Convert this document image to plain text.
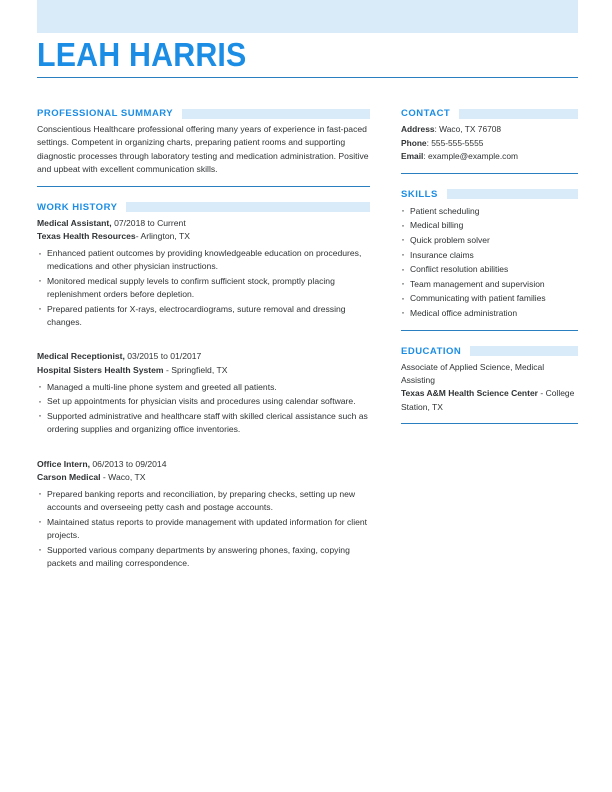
LEAH HARRIS
PROFESSIONAL SUMMARY

Conscientious Healthcare professional offering many years of experience in fast-paced settings. Competent in organizing charts, preparing patient rooms and supporting diagnostic processes through laboratory testing and medication administration. Positive and upbeat with excellent communication skills.

WORK HISTORY
Medical Assistant, 07/2018 to Current
Texas Health Resources- Arlington, TX
· Enhanced patient outcomes by providing knowledgeable education on procedures, medications and other physician instructions.
· Monitored medical supply levels to confirm sufficient stock, promptly placing replenishment orders before depletion.
· Prepared patients for X-rays, electrocardiograms, suture removal and dressing changes.
Medical Receptionist, 03/2015 to 01/2017
Hospital Sisters Health System - Springfield, TX
· Managed a multi-line phone system and greeted all patients.
· Set up appointments for physician visits and procedures using calendar software.
· Supported administrative and healthcare staff with skilled clerical assistance such as ordering supplies and organizing office inventories.
Office Intern, 06/2013 to 09/2014
Carson Medical - Waco, TX
· Prepared banking reports and reconciliation, by preparing checks, setting up new accounts and overseeing petty cash and postage accounts.
· Maintained status reports to provide management with updated information for client projects.
· Supported various company departments by answering phones, faxing, copying packets and mailing correspondence.
CONTACT
Address: Waco, TX 76708
Phone: 555-555-5555
Email: example@example.com
SKILLS
· Patient scheduling
· Medical billing
· Quick problem solver
· Insurance claims
· Conflict resolution abilities
· Team management and supervision
· Communicating with patient families
· Medical office administration
EDUCATION
Associate of Applied Science, Medical Assisting
Texas A&M Health Science Center - College Station, TX
